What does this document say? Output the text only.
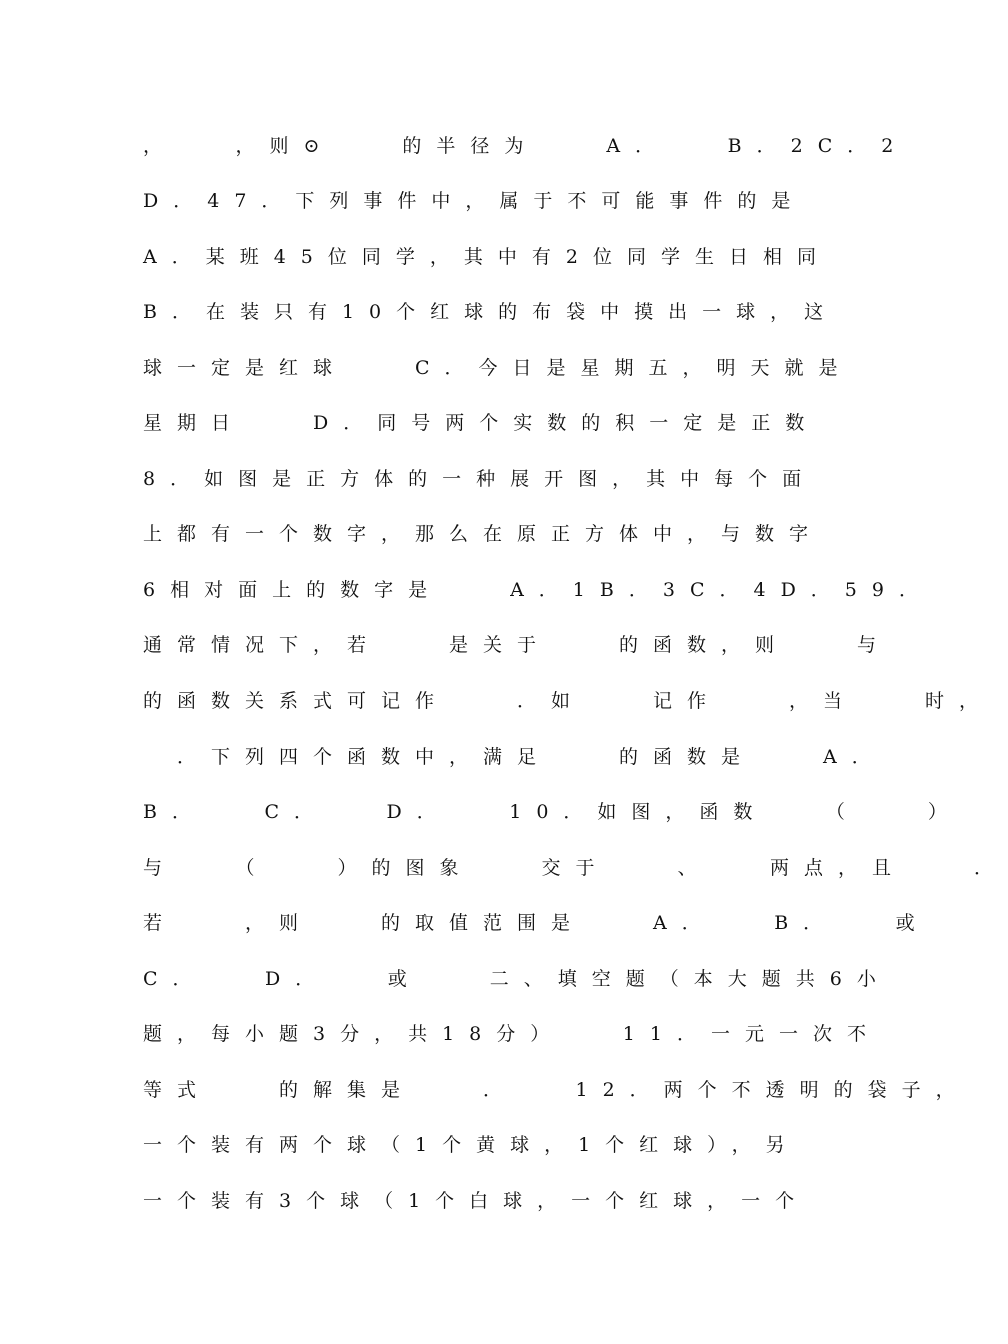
，　　，则⊙　　的半径为　　A．　　B．2C．2
D．47．下列事件中，属于不可能事件的是
A．某班45位同学，其中有2位同学生日相同
B．在装只有10个红球的布袋中摸出一球，这
球一定是红球　　C．今日是星期五，明天就是
星期日　　D．同号两个实数的积一定是正数
8．如图是正方体的一种展开图，其中每个面
上都有一个数字，那么在原正方体中，与数字
6相对面上的数字是　　A．1B．3C．4D．59．
通常情况下，若　　是关于　　的函数，则　　与
的函数关系式可记作　　．如　　记作　　，当　　时，
　．下列四个函数中，满足　　的函数是　　A．
B．　　C．　　D．　　10．如图，函数　　（　　）
与　　（　　）的图象　　交于　　、　　两点，且　　．
若　　，则　　的取值范围是　　A．　　B．　　或
C．　　D．　　或　　二、填空题（本大题共6小
题，每小题3分，共18分）　　11．一元一次不
等式　　的解集是　　．　　12．两个不透明的袋子，
一个装有两个球（1个黄球，1个红球），另
一个装有3个球（1个白球，一个红球，一个
